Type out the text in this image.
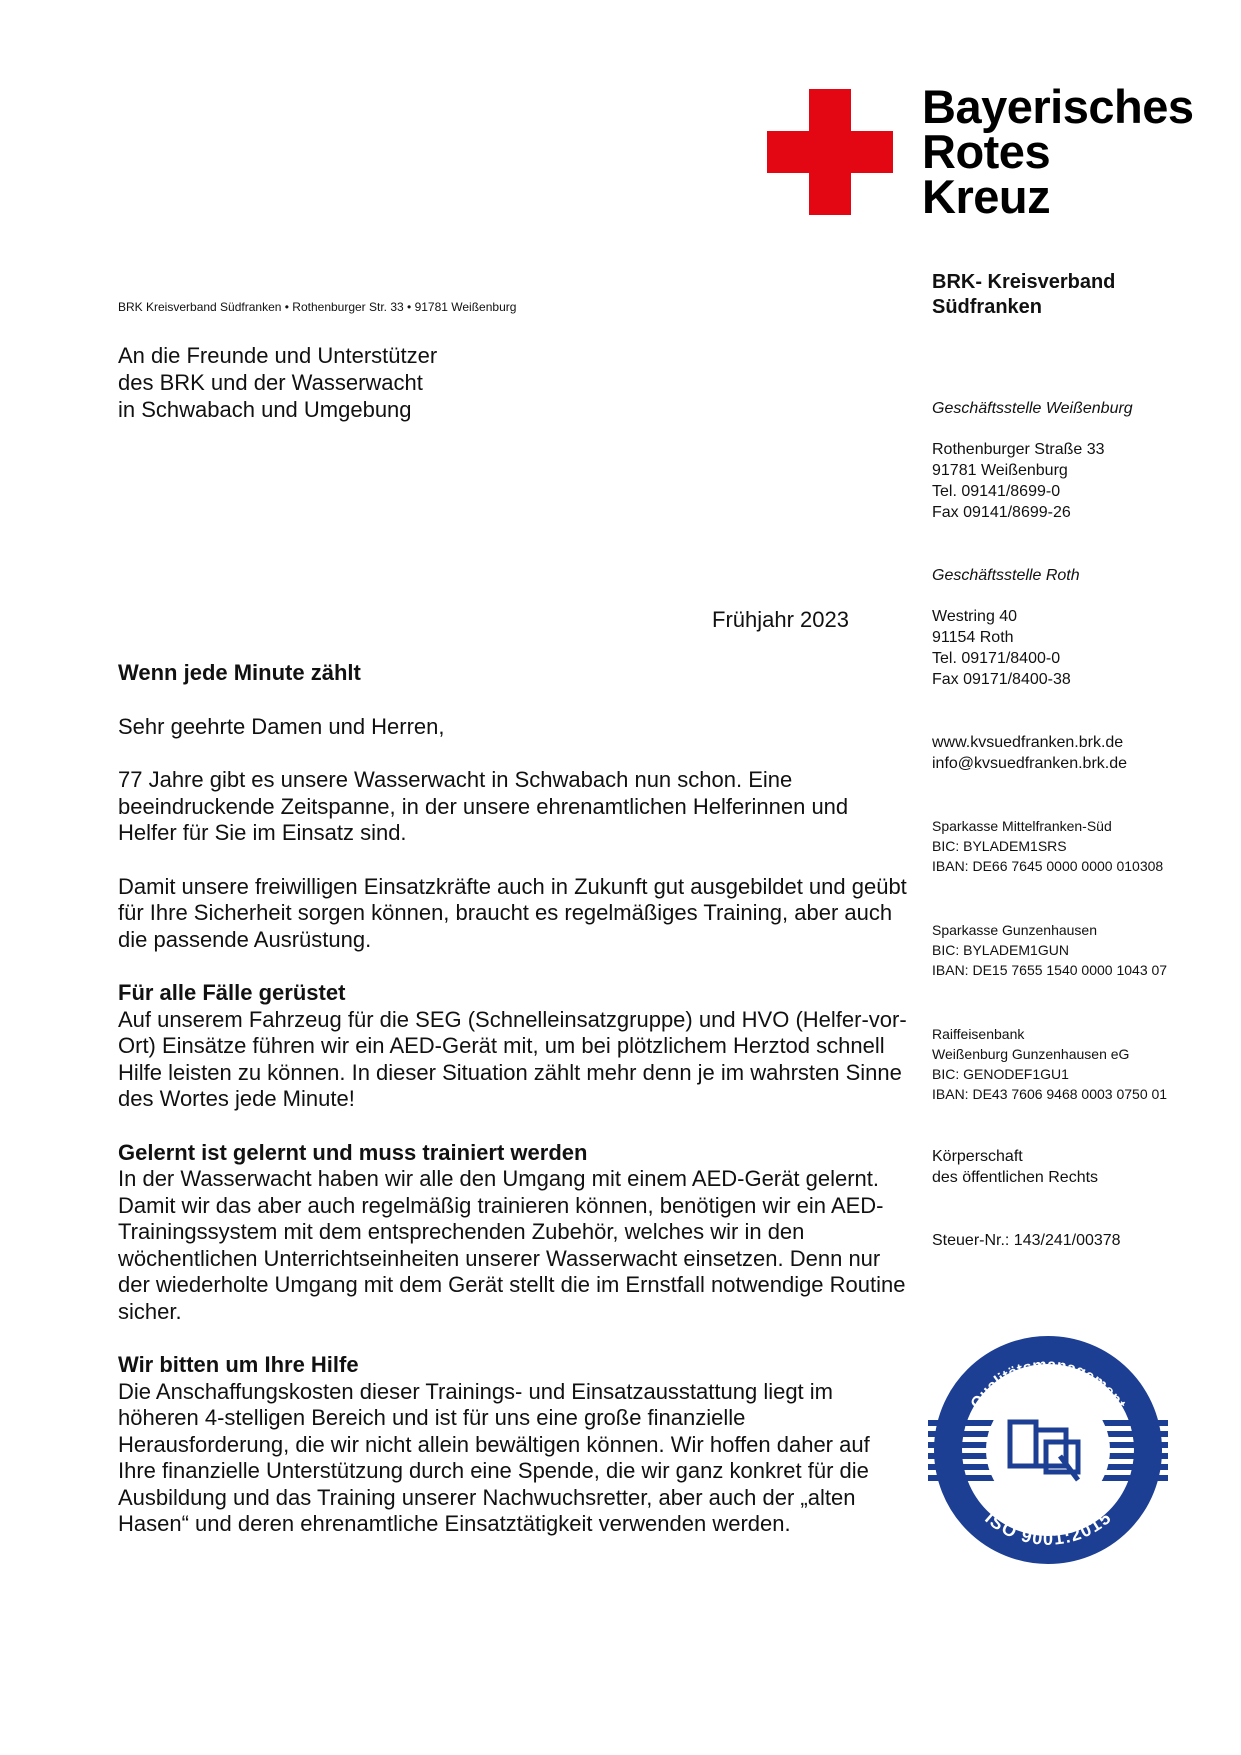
Bayerisches
Rotes
Kreuz
BRK Kreisverband Südfranken • Rothenburger Str. 33 • 91781 Weißenburg
An die Freunde und Unterstützer
des BRK und der Wasserwacht
in Schwabach und Umgebung
Frühjahr 2023
Wenn jede Minute zählt
Sehr geehrte Damen und Herren,

77 Jahre gibt es unsere Wasserwacht in Schwabach nun schon. Eine beeindruckende Zeitspanne, in der unsere ehrenamtlichen Helferinnen und Helfer für Sie im Einsatz sind.

Damit unsere freiwilligen Einsatzkräfte auch in Zukunft gut ausgebildet und geübt für Ihre Sicherheit sorgen können, braucht es regelmäßiges Training, aber auch die passende Ausrüstung.

Für alle Fälle gerüstet
Auf unserem Fahrzeug für die SEG (Schnelleinsatzgruppe) und HVO (Helfer-vor-Ort) Einsätze führen wir ein AED-Gerät mit, um bei plötzlichem Herztod schnell Hilfe leisten zu können. In dieser Situation zählt mehr denn je im wahrsten Sinne des Wortes jede Minute!
Gelernt ist gelernt und muss trainiert werden
In der Wasserwacht haben wir alle den Umgang mit einem AED-Gerät gelernt. Damit wir das aber auch regelmäßig trainieren können, benötigen wir ein AED-Trainingssystem mit dem entsprechenden Zubehör, welches wir in den wöchentlichen Unterrichtseinheiten unserer Wasserwacht einsetzen. Denn nur der wiederholte Umgang mit dem Gerät stellt die im Ernstfall notwendige Routine sicher.
Wir bitten um Ihre Hilfe
Die Anschaffungskosten dieser Trainings- und Einsatzausstattung liegt im höheren 4-stelligen Bereich und ist für uns eine große finanzielle Herausforderung, die wir nicht allein bewältigen können. Wir hoffen daher auf Ihre finanzielle Unterstützung durch eine Spende, die wir ganz konkret für die Ausbildung und das Training unserer Nachwuchsretter, aber auch der „alten Hasen“ und deren ehrenamtliche Einsatztätigkeit verwenden werden.
BRK- Kreisverband
Südfranken
Geschäftsstelle Weißenburg
Rothenburger Straße 33
91781 Weißenburg
Tel. 09141/8699-0
Fax 09141/8699-26
Geschäftsstelle Roth
Westring 40
91154 Roth
Tel. 09171/8400-0
Fax 09171/8400-38
www.kvsuedfranken.brk.de
info@kvsuedfranken.brk.de
Sparkasse Mittelfranken-Süd
BIC: BYLADEM1SRS
IBAN: DE66 7645 0000 0000 010308
Sparkasse Gunzenhausen
BIC: BYLADEM1GUN
IBAN: DE15 7655 1540 0000 1043 07
Raiffeisenbank
Weißenburg Gunzenhausen eG
BIC: GENODEF1GU1
IBAN: DE43 7606 9468 0003 0750 01
Körperschaft
des öffentlichen Rechts
Steuer-Nr.: 143/241/00378
Qualitätsmanagement
ISO 9001:2015
